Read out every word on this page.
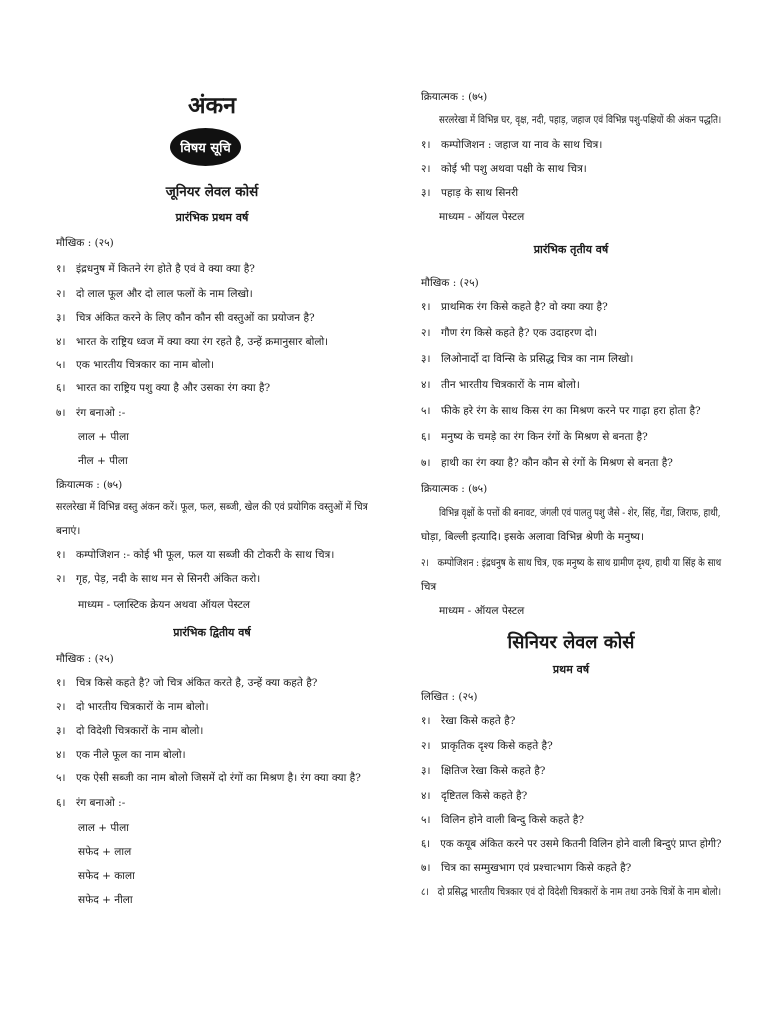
अंकन
विषय सूचि
जूनियर लेवल कोर्स
प्रारंभिक प्रथम वर्ष
मौखिक : (२५)
१। इंद्रधनुष में कितने रंग होते है एवं वे क्या क्या है?
२। दो लाल फूल और दो लाल फलों के नाम लिखो।
३। चित्र अंकित करने के लिए कौन कौन सी वस्तुओं का प्रयोजन है?
४। भारत के राष्ट्रिय ध्वज में क्या क्या रंग रहते है, उन्हें क्रमानुसार बोलो।
५। एक भारतीय चित्रकार का नाम बोलो।
६। भारत का राष्ट्रिय पशु क्या है और उसका रंग क्या है?
७। रंग बनाओ :-
लाल + पीला
नील + पीला
क्रियात्मक : (७५)
सरलरेखा में विभिन्न वस्तु अंकन करें। फूल, फल, सब्जी, खेल की एवं प्रयोगिक वस्तुओं में चित्र
बनाएं।
१। कम्पोजिशन :- कोई भी फूल, फल या सब्जी की टोकरी के साथ चित्र।
२। गृह, पेड़, नदी के साथ मन से सिनरी अंकित करो।
माध्यम - प्लास्टिक क्रेयन अथवा ऑयल पेस्टल
प्रारंभिक द्वितीय वर्ष
मौखिक : (२५)
१। चित्र किसे कहते है? जो चित्र अंकित करते है, उन्हें क्या कहते है?
२। दो भारतीय चित्रकारों के नाम बोलो।
३। दो विदेशी चित्रकारों के नाम बोलो।
४। एक नीले फूल का नाम बोलो।
५। एक ऐसी सब्जी का नाम बोलो जिसमें दो रंगों का मिश्रण है। रंग क्या क्या है?
६। रंग बनाओ :-
लाल + पीला
सफेद + लाल
सफेद + काला
सफेद + नीला
क्रियात्मक : (७५)
सरलरेखा में विभिन्न घर, वृक्ष, नदी, पहाड़, जहाज एवं विभिन्न पशु-पक्षियों की अंकन पद्धति।
१। कम्पोजिशन : जहाज या नाव के साथ चित्र।
२। कोई भी पशु अथवा पक्षी के साथ चित्र।
३। पहाड़ के साथ सिनरी
माध्यम - ऑयल पेस्टल
प्रारंभिक तृतीय वर्ष
मौखिक : (२५)
१। प्राथमिक रंग किसे कहते है? वो क्या क्या है?
२। गौण रंग किसे कहते है? एक उदाहरण दो।
३। लिओनार्दो दा विन्सि के प्रसिद्ध चित्र का नाम लिखो।
४। तीन भारतीय चित्रकारों के नाम बोलो।
५। फीके हरे रंग के साथ किस रंग का मिश्रण करने पर गाढ़ा हरा होता है?
६। मनुष्य के चमड़े का रंग किन रंगों के मिश्रण से बनता है?
७। हाथी का रंग क्या है? कौन कौन से रंगों के मिश्रण से बनता है?
क्रियात्मक : (७५)
विभिन्न वृक्षों के पत्तों की बनावट, जंगली एवं पालतु पशु जैसे - शेर, सिंह, गेंडा, जिराफ, हाथी,
घोड़ा, बिल्ली इत्यादि। इसके अलावा विभिन्न श्रेणी के मनुष्य।
२। कम्पोजिशन : इंद्रधनुष के साथ चित्र, एक मनुष्य के साथ ग्रामीण दृश्य, हाथी या सिंह के साथ
चित्र
माध्यम - ऑयल पेस्टल
सिनियर लेवल कोर्स
प्रथम वर्ष
लिखित : (२५)
१। रेखा किसे कहते है?
२। प्राकृतिक दृश्य किसे कहते है?
३। क्षितिज रेखा किसे कहते है?
४। दृष्टितल किसे कहते है?
५। विलिन होने वाली बिन्दु किसे कहते है?
६। एक कयूब अंकित करने पर उसमे कितनी विलिन होने वाली बिन्दुएं प्राप्त होगी?
७। चित्र का सम्मुखभाग एवं प्रश्चात्भाग किसे कहते है?
८। दो प्रसिद्ध भारतीय चित्रकार एवं दो विदेशी चित्रकारों के नाम तथा उनके चित्रों के नाम बोलो।
